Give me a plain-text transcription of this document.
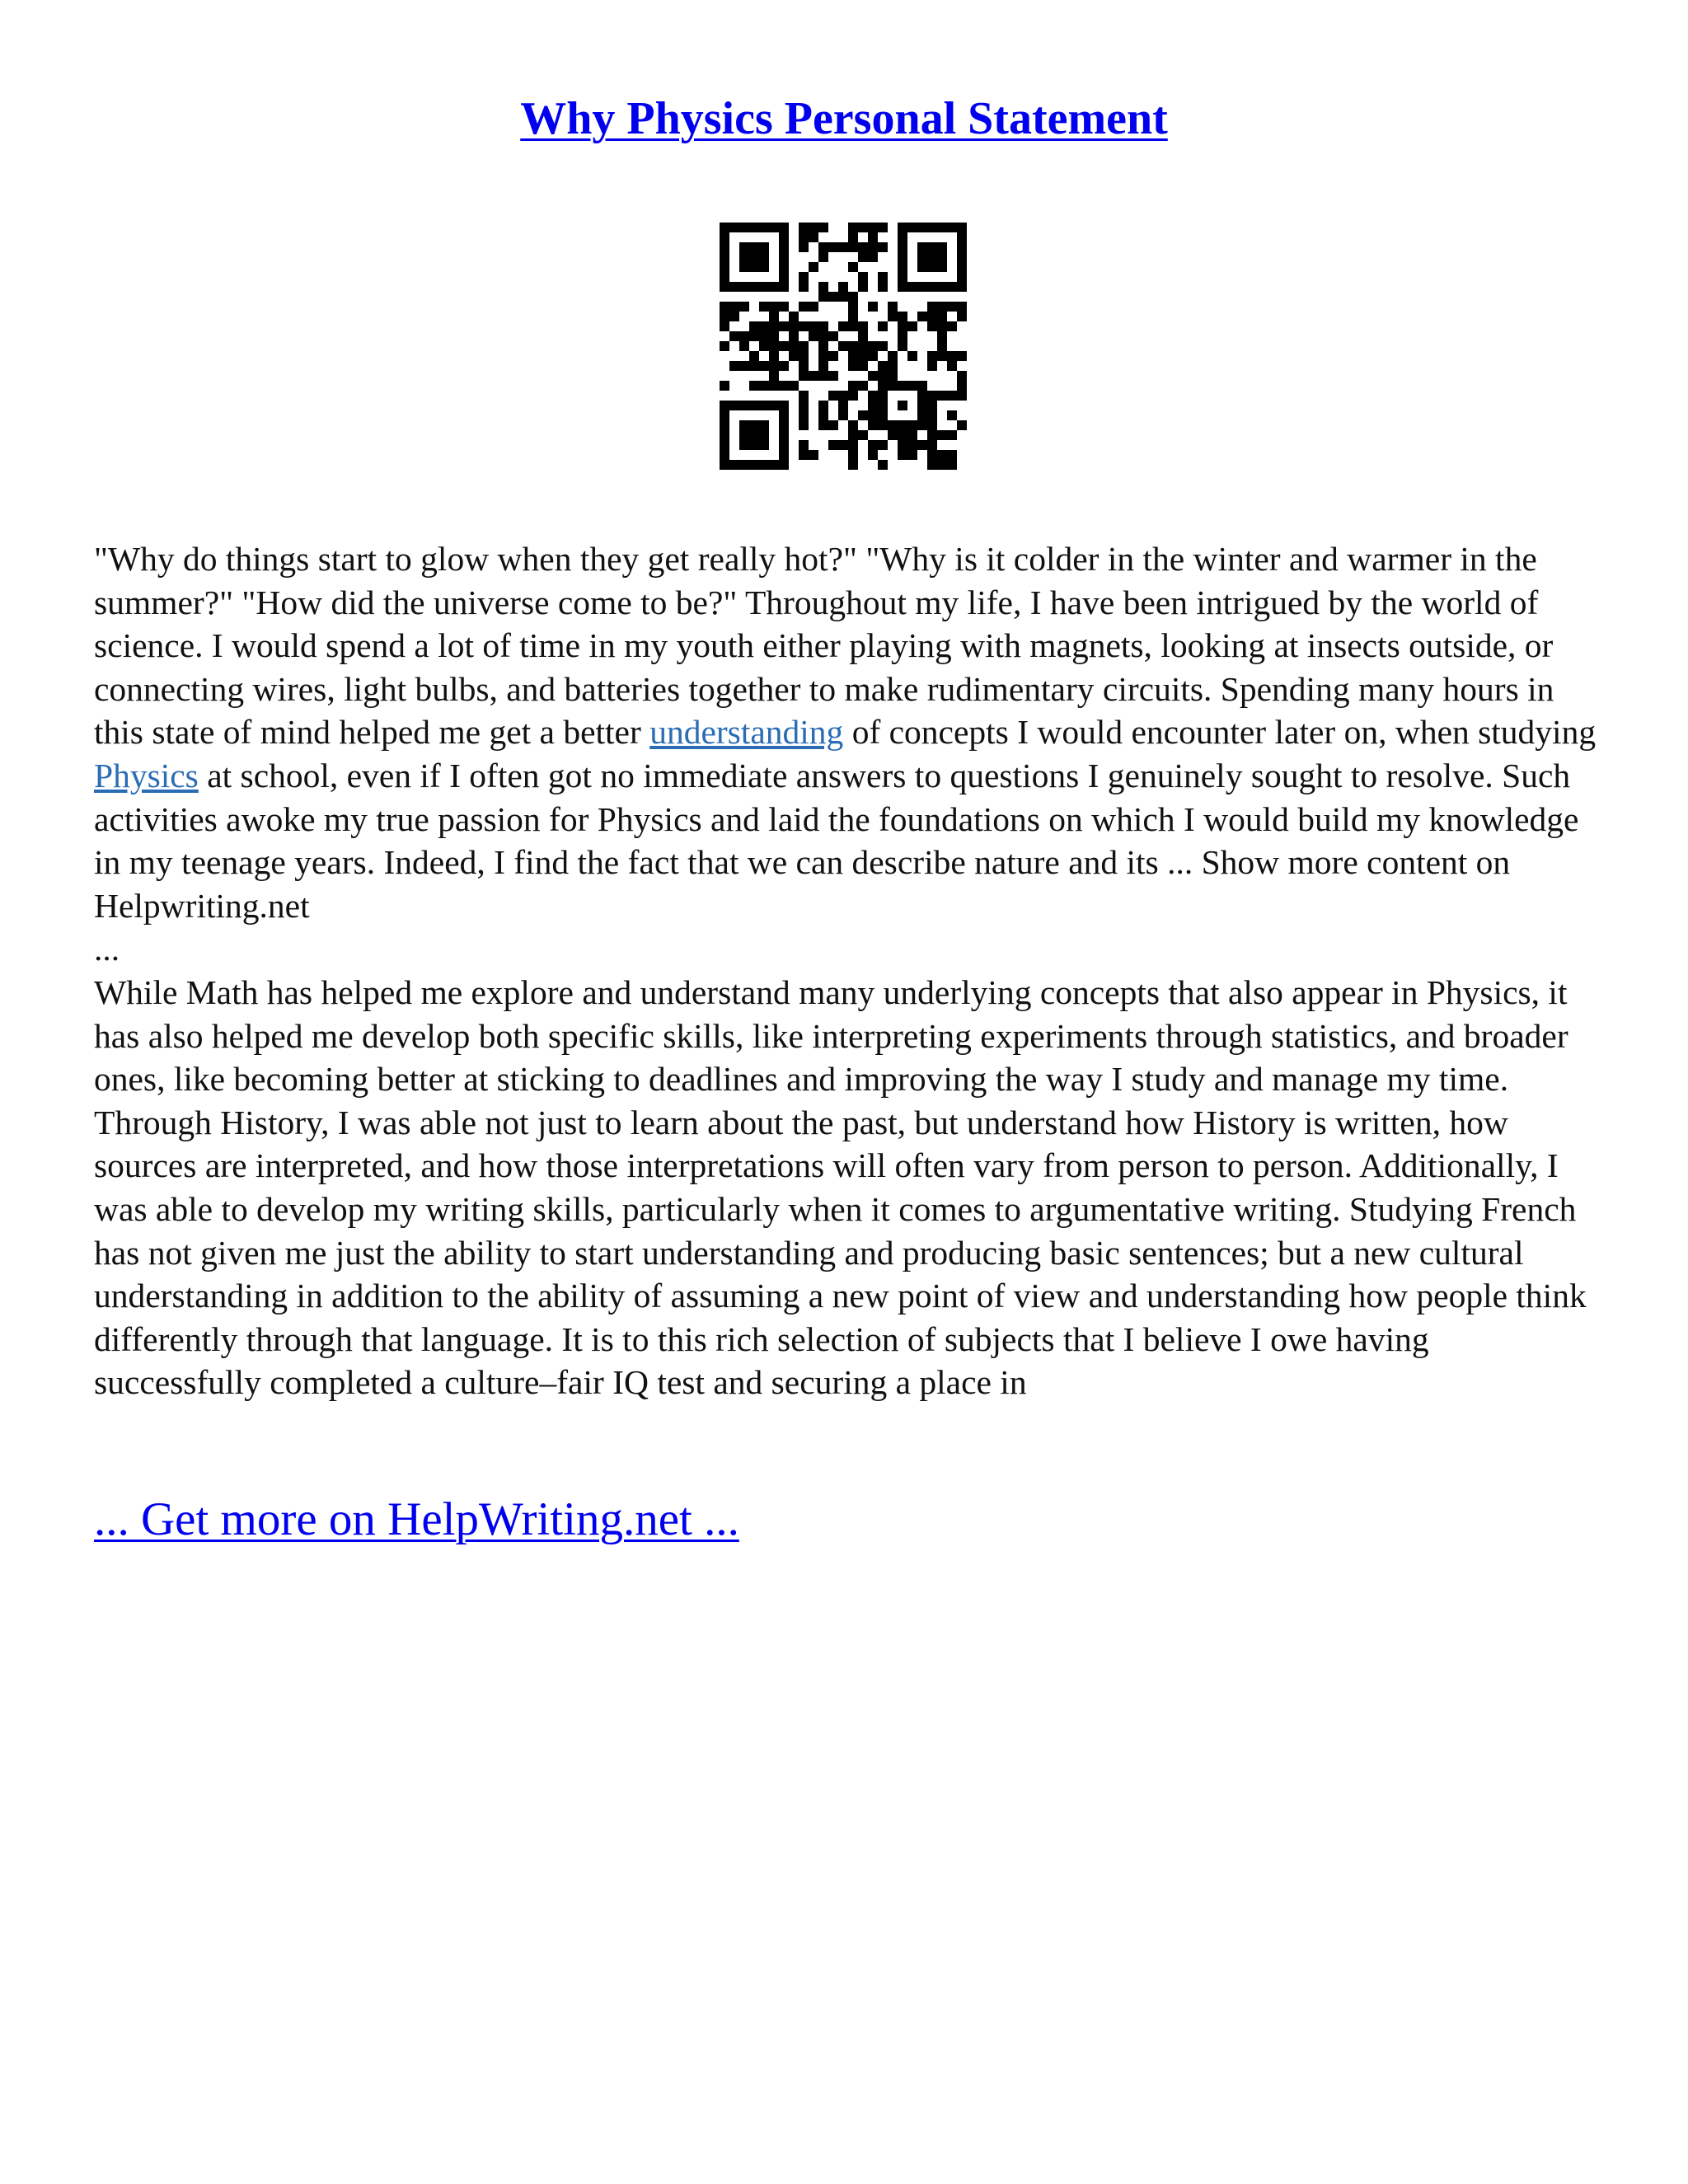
Why Physics Personal Statement

"Why do things start to glow when they get really hot?" "Why is it colder in the winter and warmer in the summer?" "How did the universe come to be?" Throughout my life, I have been intrigued by the world of science. I would spend a lot of time in my youth either playing with magnets, looking at insects outside, or connecting wires, light bulbs, and batteries together to make rudimentary circuits. Spending many hours in this state of mind helped me get a better understanding of concepts I would encounter later on, when studying Physics at school, even if I often got no immediate answers to questions I genuinely sought to resolve. Such activities awoke my true passion for Physics and laid the foundations on which I would build my knowledge in my teenage years. Indeed, I find the fact that we can describe nature and its ... Show more content on Helpwriting.net
...

While Math has helped me explore and understand many underlying concepts that also appear in Physics, it has also helped me develop both specific skills, like interpreting experiments through statistics, and broader ones, like becoming better at sticking to deadlines and improving the way I study and manage my time. Through History, I was able not just to learn about the past, but understand how History is written, how sources are interpreted, and how those interpretations will often vary from person to person. Additionally, I was able to develop my writing skills, particularly when it comes to argumentative writing. Studying French has not given me just the ability to start understanding and producing basic sentences; but a new cultural understanding in addition to the ability of assuming a new point of view and understanding how people think differently through that language. It is to this rich selection of subjects that I believe I owe having successfully completed a culture–fair IQ test and securing a place in

... Get more on HelpWriting.net ...
